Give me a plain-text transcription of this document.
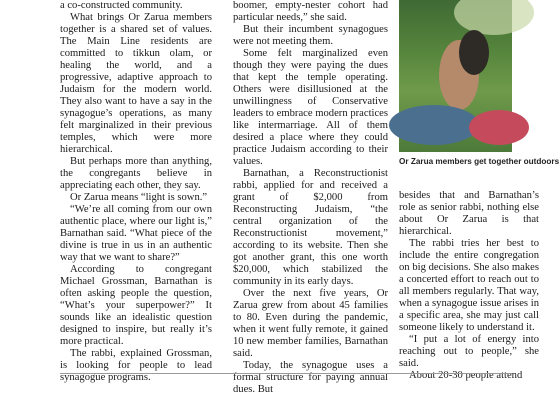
a co-constructed community.

What brings Or Zarua members together is a shared set of values. The Main Line residents are committed to tikkun olam, or healing the world, and a progressive, adaptive approach to Judaism for the modern world. They also want to have a say in the synagogue’s operations, as many felt marginalized in their previous temples, which were more hierarchical.

But perhaps more than anything, the congregants believe in appreciating each other, they say.

Or Zarua means “light is sown.”

“We’re all coming from our own authentic place, where our light is,” Barnathan said. “What piece of the divine is true in us in an authentic way that we want to share?”

According to congregant Michael Grossman, Barnathan is often asking people the question, “What’s your superpower?” It sounds like an idealistic question designed to inspire, but really it’s more practical.

The rabbi, explained Grossman, is looking for people to lead synagogue programs.

boomer, empty-nester cohort had particular needs,” she said.

But their incumbent synagogues were not meeting them.

Some felt marginalized even though they were paying the dues that kept the temple operating. Others were disillusioned at the unwillingness of Conservative leaders to embrace modern practices like intermarriage. All of them desired a place where they could practice Judaism according to their values.

Barnathan, a Reconstructionist rabbi, applied for and received a grant of $2,000 from Reconstructing Judaism, “the central organization of the Reconstructionist movement,” according to its website. Then she got another grant, this one worth $20,000, which stabilized the community in its early days.

Over the next five years, Or Zarua grew from about 45 families to 80. Even during the pandemic, when it went fully remote, it gained 10 new member families, Barnathan said.

Today, the synagogue uses a formal structure for paying annual dues. But

Or Zarua members get together outdoors

besides that and Barnathan’s role as senior rabbi, nothing else about Or Zarua is that hierarchical.

The rabbi tries her best to include the entire congregation on big decisions. She also makes a concerted effort to reach out to all members regularly. That way, when a synagogue issue arises in a specific area, she may just call someone likely to understand it.

“I put a lot of energy into reaching out to people,” she said.

About 20-30 people attend
